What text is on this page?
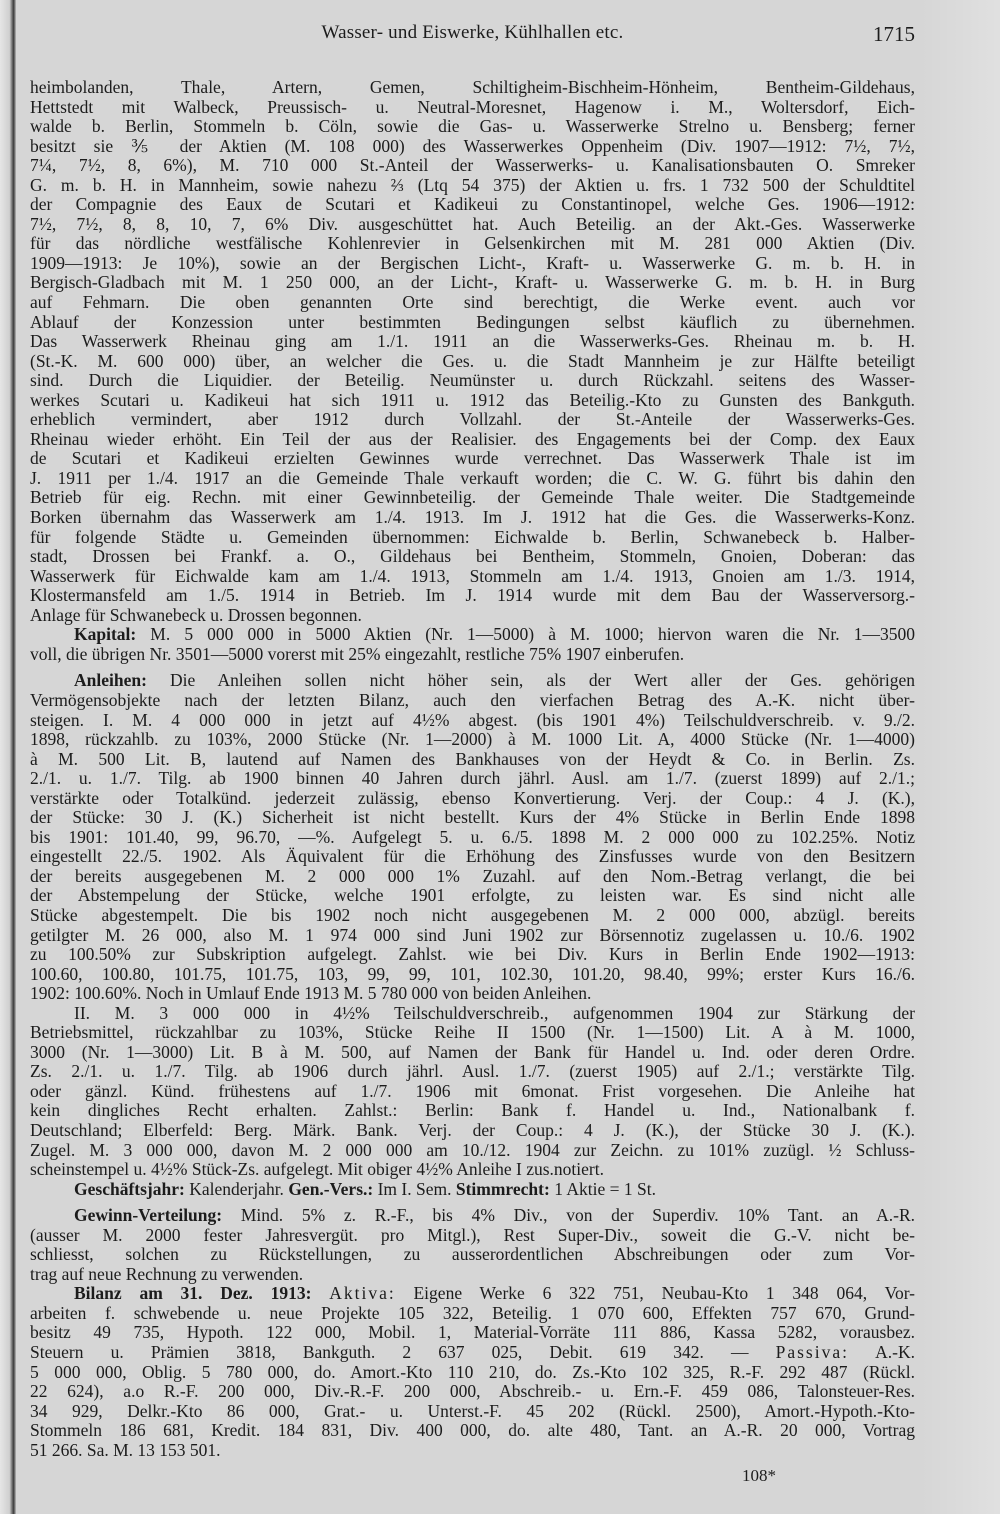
Wasser- und Eiswerke, Kühlhallen etc.	1715
heimbolanden, Thale, Artern, Gemen, Schiltigheim-Bischheim-Hönheim, Bentheim-Gildehaus,
Hettstedt mit Walbeck, Preussisch- u. Neutral-Moresnet, Hagenow i. M., Woltersdorf, Eich-
walde b. Berlin, Stommeln b. Cöln, sowie die Gas- u. Wasserwerke Strelno u. Bensberg; ferner
besitzt sie ⅗ der Aktien (M. 108 000) des Wasserwerkes Oppenheim (Div. 1907—1912: 7½, 7½,
7¼, 7½, 8, 6%), M. 710 000 St.-Anteil der Wasserwerks- u. Kanalisationsbauten O. Smreker
G. m. b. H. in Mannheim, sowie nahezu ⅔ (Ltq 54 375) der Aktien u. frs. 1 732 500 der Schuldtitel
der Compagnie des Eaux de Scutari et Kadikeui zu Constantinopel, welche Ges. 1906—1912:
7½, 7½, 8, 8, 10, 7, 6% Div. ausgeschüttet hat. Auch Beteilig. an der Akt.-Ges. Wasserwerke
für das nördliche westfälische Kohlenrevier in Gelsenkirchen mit M. 281 000 Aktien (Div.
1909—1913: Je 10%), sowie an der Bergischen Licht-, Kraft- u. Wasserwerke G. m. b. H. in
Bergisch-Gladbach mit M. 1 250 000, an der Licht-, Kraft- u. Wasserwerke G. m. b. H. in Burg
auf Fehmarn. Die oben genannten Orte sind berechtigt, die Werke event. auch vor
Ablauf der Konzession unter bestimmten Bedingungen selbst käuflich zu übernehmen.
Das Wasserwerk Rheinau ging am 1./1. 1911 an die Wasserwerks-Ges. Rheinau m. b. H.
(St.-K. M. 600 000) über, an welcher die Ges. u. die Stadt Mannheim je zur Hälfte beteiligt
sind. Durch die Liquidier. der Beteilig. Neumünster u. durch Rückzahl. seitens des Wasser-
werkes Scutari u. Kadikeui hat sich 1911 u. 1912 das Beteilig.-Kto zu Gunsten des Bankguth.
erheblich vermindert, aber 1912 durch Vollzahl. der St.-Anteile der Wasserwerks-Ges.
Rheinau wieder erhöht. Ein Teil der aus der Realisier. des Engagements bei der Comp. dex Eaux
de Scutari et Kadikeui erzielten Gewinnes wurde verrechnet. Das Wasserwerk Thale ist im
J. 1911 per 1./4. 1917 an die Gemeinde Thale verkauft worden; die C. W. G. führt bis dahin den
Betrieb für eig. Rechn. mit einer Gewinnbeteilig. der Gemeinde Thale weiter. Die Stadtgemeinde
Borken übernahm das Wasserwerk am 1./4. 1913. Im J. 1912 hat die Ges. die Wasserwerks-Konz.
für folgende Städte u. Gemeinden übernommen: Eichwalde b. Berlin, Schwanebeck b. Halber-
stadt, Drossen bei Frankf. a. O., Gildehaus bei Bentheim, Stommeln, Gnoien, Doberan: das
Wasserwerk für Eichwalde kam am 1./4. 1913, Stommeln am 1./4. 1913, Gnoien am 1./3. 1914,
Klostermansfeld am 1./5. 1914 in Betrieb. Im J. 1914 wurde mit dem Bau der Wasserversorg.-
Anlage für Schwanebeck u. Drossen begonnen.
Kapital: M. 5 000 000 in 5000 Aktien (Nr. 1—5000) à M. 1000; hiervon waren die Nr. 1—3500
voll, die übrigen Nr. 3501—5000 vorerst mit 25% eingezahlt, restliche 75% 1907 einberufen.
Anleihen: Die Anleihen sollen nicht höher sein, als der Wert aller der Ges. gehörigen
Vermögensobjekte nach der letzten Bilanz, auch den vierfachen Betrag des A.-K. nicht über-
steigen. I. M. 4 000 000 in jetzt auf 4½% abgest. (bis 1901 4%) Teilschuldverschreib. v. 9./2.
1898, rückzahlb. zu 103%, 2000 Stücke (Nr. 1—2000) à M. 1000 Lit. A, 4000 Stücke (Nr. 1—4000)
à M. 500 Lit. B, lautend auf Namen des Bankhauses von der Heydt & Co. in Berlin. Zs.
2./1. u. 1./7. Tilg. ab 1900 binnen 40 Jahren durch jährl. Ausl. am 1./7. (zuerst 1899) auf 2./1.;
verstärkte oder Totalkünd. jederzeit zulässig, ebenso Konvertierung. Verj. der Coup.: 4 J. (K.),
der Stücke: 30 J. (K.) Sicherheit ist nicht bestellt. Kurs der 4% Stücke in Berlin Ende 1898
bis 1901: 101.40, 99, 96.70, —%. Aufgelegt 5. u. 6./5. 1898 M. 2 000 000 zu 102.25%. Notiz
eingestellt 22./5. 1902. Als Äquivalent für die Erhöhung des Zinsfusses wurde von den Besitzern
der bereits ausgegebenen M. 2 000 000 1% Zuzahl. auf den Nom.-Betrag verlangt, die bei
der Abstempelung der Stücke, welche 1901 erfolgte, zu leisten war. Es sind nicht alle
Stücke abgestempelt. Die bis 1902 noch nicht ausgegebenen M. 2 000 000, abzügl. bereits
getilgter M. 26 000, also M. 1 974 000 sind Juni 1902 zur Börsennotiz zugelassen u. 10./6. 1902
zu 100.50% zur Subskription aufgelegt. Zahlst. wie bei Div. Kurs in Berlin Ende 1902—1913:
100.60, 100.80, 101.75, 101.75, 103, 99, 99, 101, 102.30, 101.20, 98.40, 99%; erster Kurs 16./6.
1902: 100.60%. Noch in Umlauf Ende 1913 M. 5 780 000 von beiden Anleihen.
II. M. 3 000 000 in 4½% Teilschuldverschreib., aufgenommen 1904 zur Stärkung der
Betriebsmittel, rückzahlbar zu 103%, Stücke Reihe II 1500 (Nr. 1—1500) Lit. A à M. 1000,
3000 (Nr. 1—3000) Lit. B à M. 500, auf Namen der Bank für Handel u. Ind. oder deren Ordre.
Zs. 2./1. u. 1./7. Tilg. ab 1906 durch jährl. Ausl. 1./7. (zuerst 1905) auf 2./1.; verstärkte Tilg.
oder gänzl. Künd. frühestens auf 1./7. 1906 mit 6monat. Frist vorgesehen. Die Anleihe hat
kein dingliches Recht erhalten. Zahlst.: Berlin: Bank f. Handel u. Ind., Nationalbank f.
Deutschland; Elberfeld: Berg. Märk. Bank. Verj. der Coup.: 4 J. (K.), der Stücke 30 J. (K.).
Zugel. M. 3 000 000, davon M. 2 000 000 am 10./12. 1904 zur Zeichn. zu 101% zuzügl. ½ Schluss-
scheinstempel u. 4½% Stück-Zs. aufgelegt. Mit obiger 4½% Anleihe I zus.notiert.
Geschäftsjahr: Kalenderjahr. Gen.-Vers.: Im I. Sem. Stimmrecht: 1 Aktie = 1 St.
Gewinn-Verteilung: Mind. 5% z. R.-F., bis 4% Div., von der Superdiv. 10% Tant. an A.-R.
(ausser M. 2000 fester Jahresvergüt. pro Mitgl.), Rest Super-Div., soweit die G.-V. nicht be-
schliesst, solchen zu Rückstellungen, zu ausserordentlichen Abschreibungen oder zum Vor-
trag auf neue Rechnung zu verwenden.
Bilanz am 31. Dez. 1913: Aktiva: Eigene Werke 6 322 751, Neubau-Kto 1 348 064, Vor-
arbeiten f. schwebende u. neue Projekte 105 322, Beteilig. 1 070 600, Effekten 757 670, Grund-
besitz 49 735, Hypoth. 122 000, Mobil. 1, Material-Vorräte 111 886, Kassa 5282, vorausbez.
Steuern u. Prämien 3818, Bankguth. 2 637 025, Debit. 619 342. — Passiva: A.-K.
5 000 000, Oblig. 5 780 000, do. Amort.-Kto 110 210, do. Zs.-Kto 102 325, R.-F. 292 487 (Rückl.
22 624), a.o R.-F. 200 000, Div.-R.-F. 200 000, Abschreib.- u. Ern.-F. 459 086, Talonsteuer-Res.
34 929, Delkr.-Kto 86 000, Grat.- u. Unterst.-F. 45 202 (Rückl. 2500), Amort.-Hypoth.-Kto-
Stommeln 186 681, Kredit. 184 831, Div. 400 000, do. alte 480, Tant. an A.-R. 20 000, Vortrag
51 266. Sa. M. 13 153 501.
108*
